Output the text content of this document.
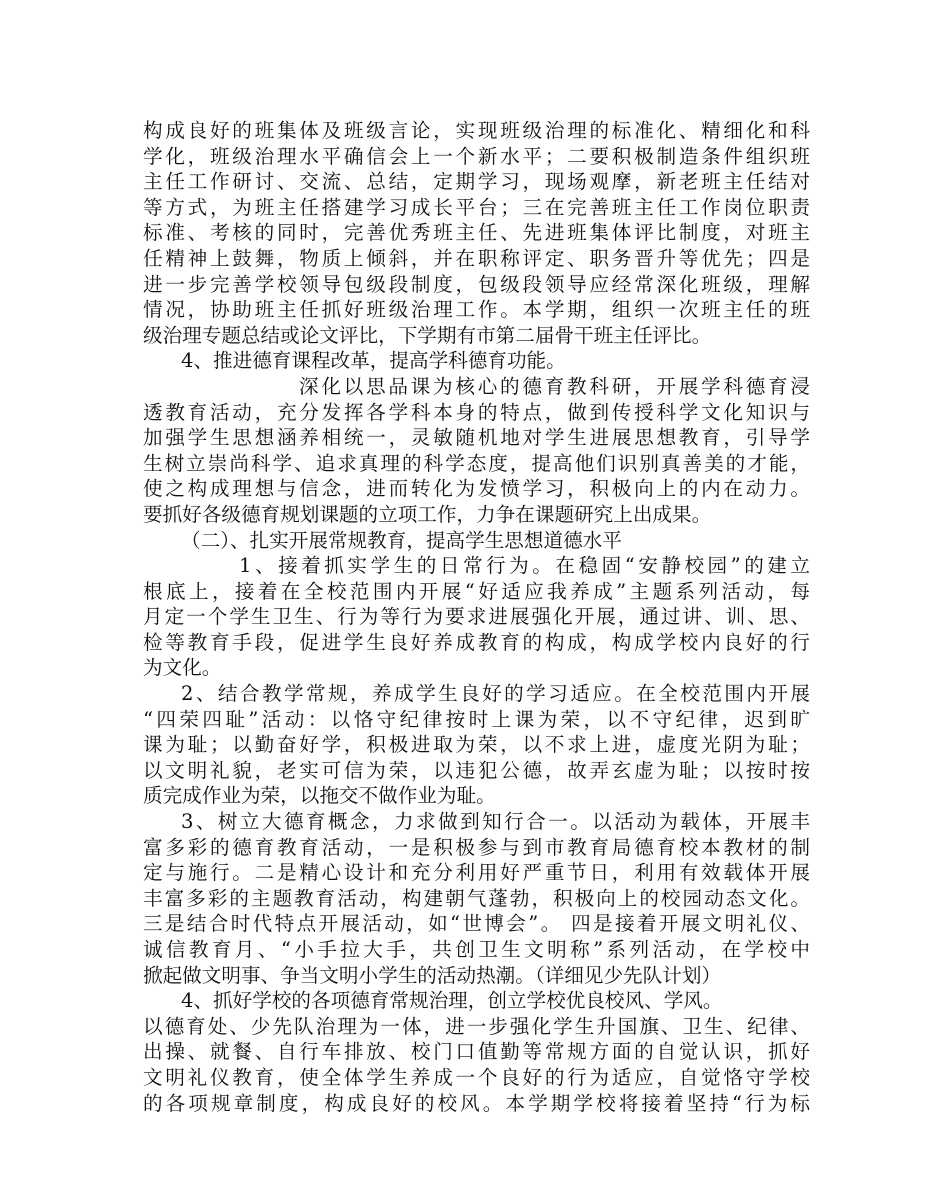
构成良好的班集体及班级言论，实现班级治理的标准化、精细化和科
学化，班级治理水平确信会上一个新水平；二要积极制造条件组织班
主任工作研讨、交流、总结，定期学习，现场观摩，新老班主任结对
等方式，为班主任搭建学习成长平台；三在完善班主任工作岗位职责
标准、考核的同时，完善优秀班主任、先进班集体评比制度，对班主
任精神上鼓舞，物质上倾斜，并在职称评定、职务晋升等优先；四是
进一步完善学校领导包级段制度，包级段领导应经常深化班级，理解
情况，协助班主任抓好班级治理工作。本学期，组织一次班主任的班
级治理专题总结或论文评比，下学期有市第二届骨干班主任评比。
4、推进德育课程改革，提高学科德育功能。
深化以思品课为核心的德育教科研，开展学科德育浸
透教育活动，充分发挥各学科本身的特点，做到传授科学文化知识与
加强学生思想涵养相统一，灵敏随机地对学生进展思想教育，引导学
生树立崇尚科学、追求真理的科学态度，提高他们识别真善美的才能，
使之构成理想与信念，进而转化为发愤学习，积极向上的内在动力。
要抓好各级德育规划课题的立项工作，力争在课题研究上出成果。
（二）、扎实开展常规教育，提高学生思想道德水平
1、接着抓实学生的日常行为。在稳固“安静校园”的建立
根底上，接着在全校范围内开展“好适应我养成”主题系列活动，每
月定一个学生卫生、行为等行为要求进展强化开展，通过讲、训、思、
检等教育手段，促进学生良好养成教育的构成，构成学校内良好的行
为文化。
2、结合教学常规，养成学生良好的学习适应。在全校范围内开展
“四荣四耻”活动：以恪守纪律按时上课为荣，以不守纪律，迟到旷
课为耻；以勤奋好学，积极进取为荣，以不求上进，虚度光阴为耻；
以文明礼貌，老实可信为荣，以违犯公德，故弄玄虚为耻；以按时按
质完成作业为荣，以拖交不做作业为耻。
3、树立大德育概念，力求做到知行合一。以活动为载体，开展丰
富多彩的德育教育活动，一是积极参与到市教育局德育校本教材的制
定与施行。二是精心设计和充分利用好严重节日，利用有效载体开展
丰富多彩的主题教育活动，构建朝气蓬勃，积极向上的校园动态文化。
三是结合时代特点开展活动，如“世博会”。 四是接着开展文明礼仪、
诚信教育月、“小手拉大手，共创卫生文明称”系列活动，在学校中
掀起做文明事、争当文明小学生的活动热潮。（详细见少先队计划）
4、抓好学校的各项德育常规治理，创立学校优良校风、学风。
以德育处、少先队治理为一体，进一步强化学生升国旗、卫生、纪律、
出操、就餐、自行车排放、校门口值勤等常规方面的自觉认识，抓好
文明礼仪教育，使全体学生养成一个良好的行为适应，自觉恪守学校
的各项规章制度，构成良好的校风。本学期学校将接着坚持“行为标
